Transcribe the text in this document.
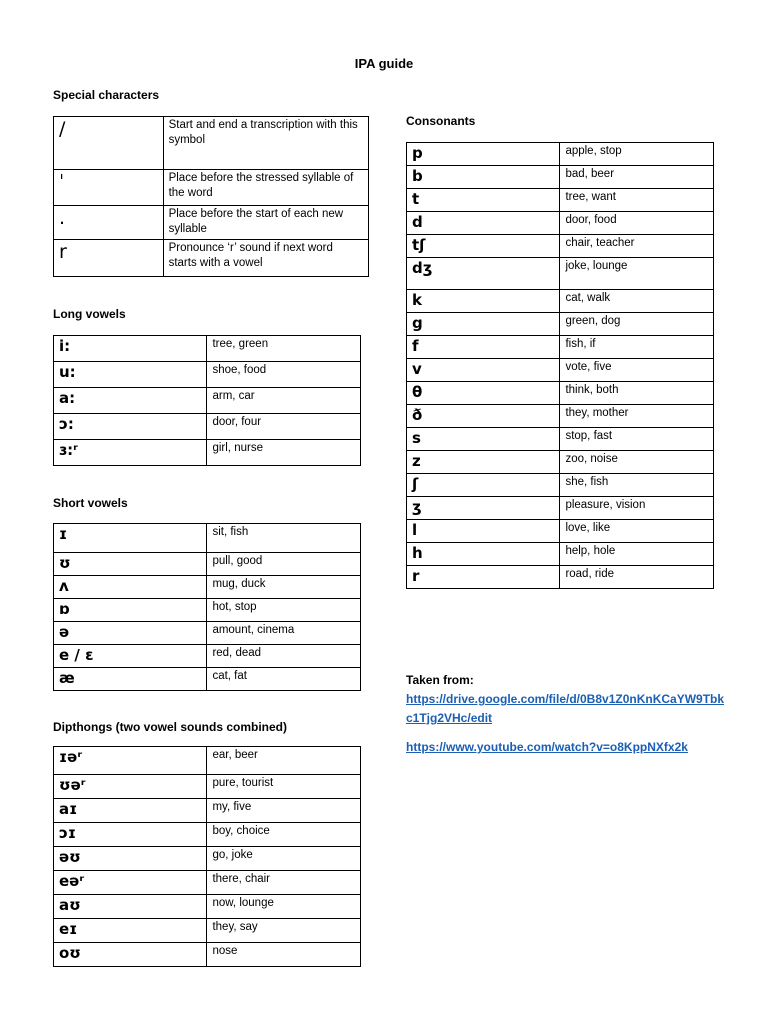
IPA guide
Special characters
/	Start and end a transcription with this symbol
ˈ	Place before the stressed syllable of the word
.	Place before the start of each new syllable
r	Pronounce ‘r’ sound if next word starts with a vowel
Long vowels
i:	tree, green
u:	shoe, food
a:	arm, car
ɔ:	door, four
ɜ:ʳ	girl, nurse
Short vowels
ɪ	sit, fish
ʊ	pull, good
ʌ	mug, duck
ɒ	hot, stop
ə	amount, cinema
e / ɛ	red, dead
æ	cat, fat
Dipthongs (two vowel sounds combined)
ɪəʳ	ear, beer
ʊəʳ	pure, tourist
aɪ	my, five
ɔɪ	boy, choice
əʊ	go, joke
eəʳ	there, chair
aʊ	now, lounge
eɪ	they, say
oʊ	nose
Consonants
p	apple, stop
b	bad, beer
t	tree, want
d	door, food
tʃ	chair, teacher
dʒ	joke, lounge
k	cat, walk
g	green, dog
f	fish, if
v	vote, five
θ	think, both
ð	they, mother
s	stop, fast
z	zoo, noise
ʃ	she, fish
ʒ	pleasure, vision
l	love, like
h	help, hole
r	road, ride
Taken from:
https://drive.google.com/file/d/0B8v1Z0nKnKCaYW9Tbkc1Tjg2VHc/edit
https://www.youtube.com/watch?v=o8KppNXfx2k
